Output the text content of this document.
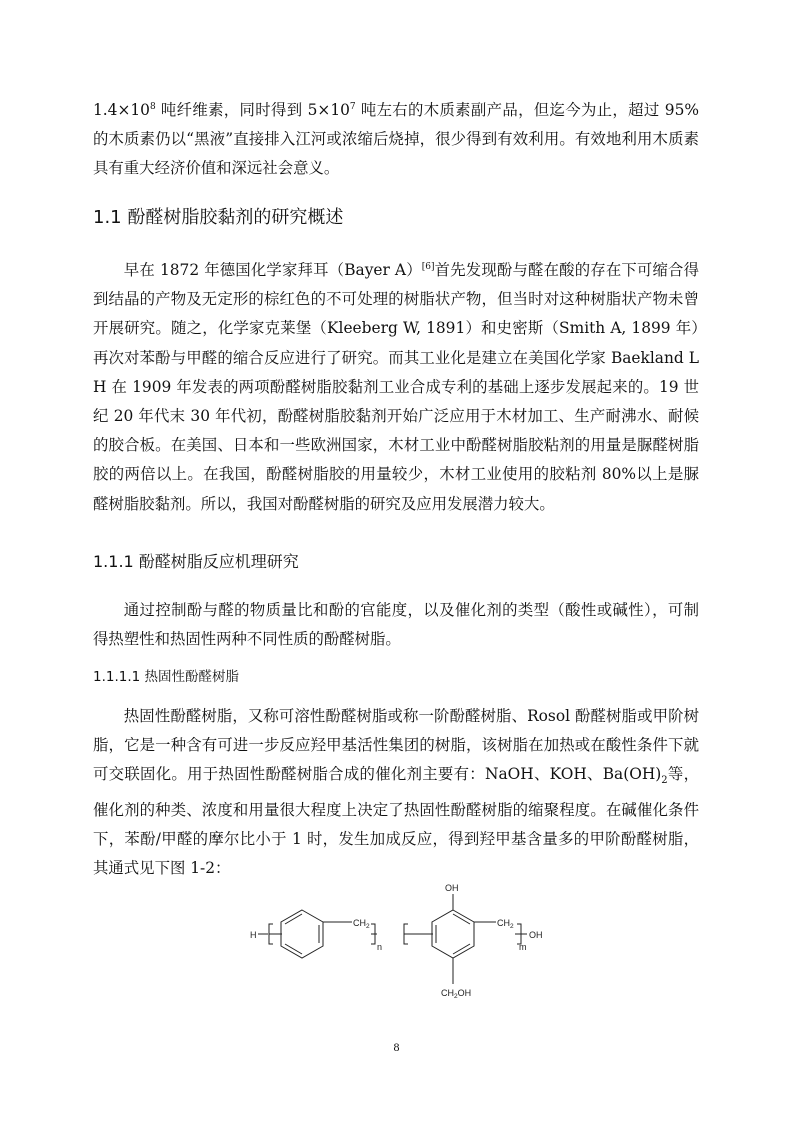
$1.4\times 10^8$ 吨纤维素，同时得到 $5\times 10^7$ 吨左右的木质素副产品，但迄今为止，超过 95%的木质素仍以“黑液”直接排入江河或浓缩后烧掉，很少得到有效利用。有效地利用木质素具有重大经济价值和深远社会意义。

1.1 酚醛树脂胶黏剂的研究概述

早在 1872 年德国化学家拜耳（Bayer A）[6]首先发现酚与醛在酸的存在下可缩合得到结晶的产物及无定形的棕红色的不可处理的树脂状产物，但当时对这种树脂状产物未曾开展研究。随之，化学家克莱堡（Kleeberg W, 1891）和史密斯（Smith A, 1899 年）再次对苯酚与甲醛的缩合反应进行了研究。而其工业化是建立在美国化学家 Baekland L H 在 1909 年发表的两项酚醛树脂胶黏剂工业合成专利的基础上逐步发展起来的。19 世纪 20 年代末 30 年代初，酚醛树脂胶黏剂开始广泛应用于木材加工、生产耐沸水、耐候的胶合板。在美国、日本和一些欧洲国家，木材工业中酚醛树脂胶粘剂的用量是脲醛树脂胶的两倍以上。在我国，酚醛树脂胶的用量较少，木材工业使用的胶粘剂 80%以上是脲醛树脂胶黏剂。所以，我国对酚醛树脂的研究及应用发展潜力较大。

1.1.1 酚醛树脂反应机理研究

通过控制酚与醛的物质量比和酚的官能度，以及催化剂的类型（酸性或碱性），可制得热塑性和热固性两种不同性质的酚醛树脂。

1.1.1.1 热固性酚醛树脂

热固性酚醛树脂，又称可溶性酚醛树脂或称一阶酚醛树脂、Rosol 酚醛树脂或甲阶树脂，它是一种含有可进一步反应羟甲基活性集团的树脂，该树脂在加热或在酸性条件下就可交联固化。用于热固性酚醛树脂合成的催化剂主要有：NaOH、KOH、$Ba(OH)_2$等，催化剂的种类、浓度和用量很大程度上决定了热固性酚醛树脂的缩聚程度。在碱催化条件下，苯酚/甲醛的摩尔比小于 1 时，发生加成反应，得到羟甲基含量多的甲阶酚醛树脂，其通式见下图 1-2：

H
$CH_2$
n
OH
$CH_2$
m
OH
$CH_2OH$
8
